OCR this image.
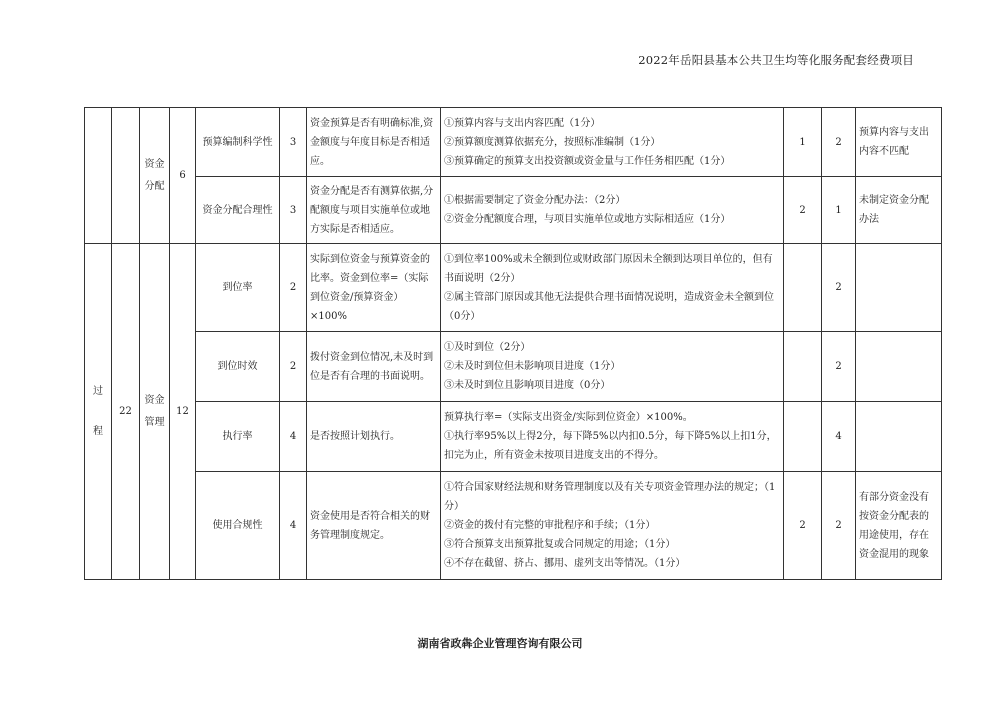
2022年岳阳县基本公共卫生均等化服务配套经费项目

		资金
分配	6	预算编制科学性	3	资金预算是否有明确标准,资金额度与年度目标是否相适应。	①预算内容与支出内容匹配（1分）
②预算额度测算依据充分，按照标准编制（1分）
③预算确定的预算支出投资额或资金量与工作任务相匹配（1分）	1	2	预算内容与支出内容不匹配
				资金分配合理性	3	资金分配是否有测算依据,分配额度与项目实施单位或地方实际是否相适应。	①根据需要制定了资金分配办法：（2分）
②资金分配额度合理，与项目实施单位或地方实际相适应（1分）	2	1	未制定资金分配办法

过
程	22	资金
管理	12	到位率	2	实际到位资金与预算资金的比率。资金到位率=（实际到位资金/预算资金）×100%	①到位率100%或未全额到位或财政部门原因未全额到达项目单位的，但有书面说明（2分）
②属主管部门原因或其他无法提供合理书面情况说明，造成资金未全额到位（0分）		2	
				到位时效	2	拨付资金到位情况,未及时到位是否有合理的书面说明。	①及时到位（2分）
②未及时到位但未影响项目进度（1分）
③未及时到位且影响项目进度（0分）		2	
				执行率	4	是否按照计划执行。	预算执行率=（实际支出资金/实际到位资金）×100%。
①执行率95%以上得2分，每下降5%以内扣0.5分，每下降5%以上扣1分，扣完为止，所有资金未按项目进度支出的不得分。		4	
				使用合规性	4	资金使用是否符合相关的财务管理制度规定。	①符合国家财经法规和财务管理制度以及有关专项资金管理办法的规定；（1分）
②资金的拨付有完整的审批程序和手续；（1分）
③符合预算支出预算批复或合同规定的用途；（1分）
④不存在截留、挤占、挪用、虚列支出等情况。（1分）	2	2	有部分资金没有按资金分配表的用途使用，存在资金混用的现象
湖南省政犇企业管理咨询有限公司
